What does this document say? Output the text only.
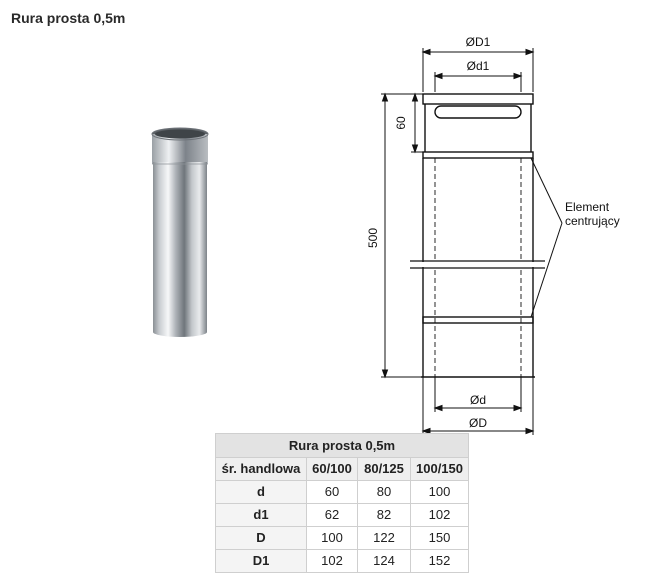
Rura prosta 0,5m
ØD1
Ød1
60
500
Ød
ØD
Element
centrujący
Rura prosta 0,5m			
śr. handlowa	60/100	80/125	100/150
d	60	80	100
d1	62	82	102
D	100	122	150
D1	102	124	152
